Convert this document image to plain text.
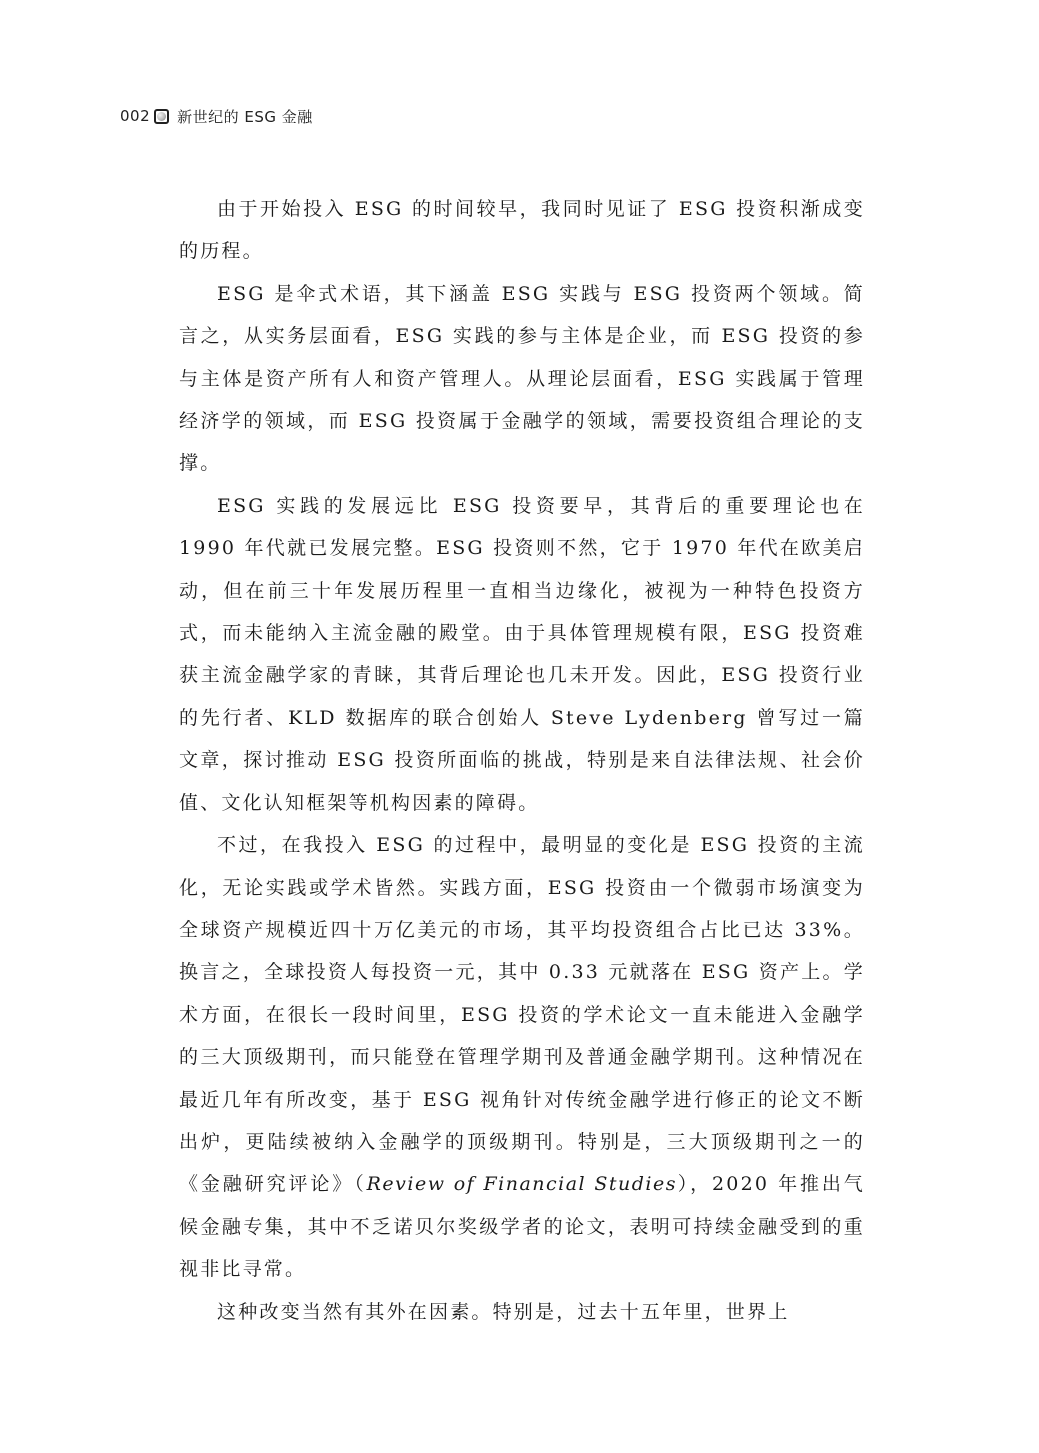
002 新世纪的 ESG 金融

由于开始投入 ESG 的时间较早，我同时见证了 ESG 投资积渐成变的历程。

ESG 是伞式术语，其下涵盖 ESG 实践与 ESG 投资两个领域。简言之，从实务层面看，ESG 实践的参与主体是企业，而 ESG 投资的参与主体是资产所有人和资产管理人。从理论层面看，ESG 实践属于管理经济学的领域，而 ESG 投资属于金融学的领域，需要投资组合理论的支撑。

ESG 实践的发展远比 ESG 投资要早，其背后的重要理论也在 1990 年代就已发展完整。ESG 投资则不然，它于 1970 年代在欧美启动，但在前三十年发展历程里一直相当边缘化，被视为一种特色投资方式，而未能纳入主流金融的殿堂。由于具体管理规模有限，ESG 投资难获主流金融学家的青睐，其背后理论也几未开发。因此，ESG 投资行业的先行者、KLD 数据库的联合创始人 Steve Lydenberg 曾写过一篇文章，探讨推动 ESG 投资所面临的挑战，特别是来自法律法规、社会价值、文化认知框架等机构因素的障碍。

不过，在我投入 ESG 的过程中，最明显的变化是 ESG 投资的主流化，无论实践或学术皆然。实践方面，ESG 投资由一个微弱市场演变为全球资产规模近四十万亿美元的市场，其平均投资组合占比已达 33%。换言之，全球投资人每投资一元，其中 0.33 元就落在 ESG 资产上。学术方面，在很长一段时间里，ESG 投资的学术论文一直未能进入金融学的三大顶级期刊，而只能登在管理学期刊及普通金融学期刊。这种情况在最近几年有所改变，基于 ESG 视角针对传统金融学进行修正的论文不断出炉，更陆续被纳入金融学的顶级期刊。特别是，三大顶级期刊之一的《金融研究评论》（Review of Financial Studies），2020 年推出气候金融专集，其中不乏诺贝尔奖级学者的论文，表明可持续金融受到的重视非比寻常。

这种改变当然有其外在因素。特别是，过去十五年里，世界上
